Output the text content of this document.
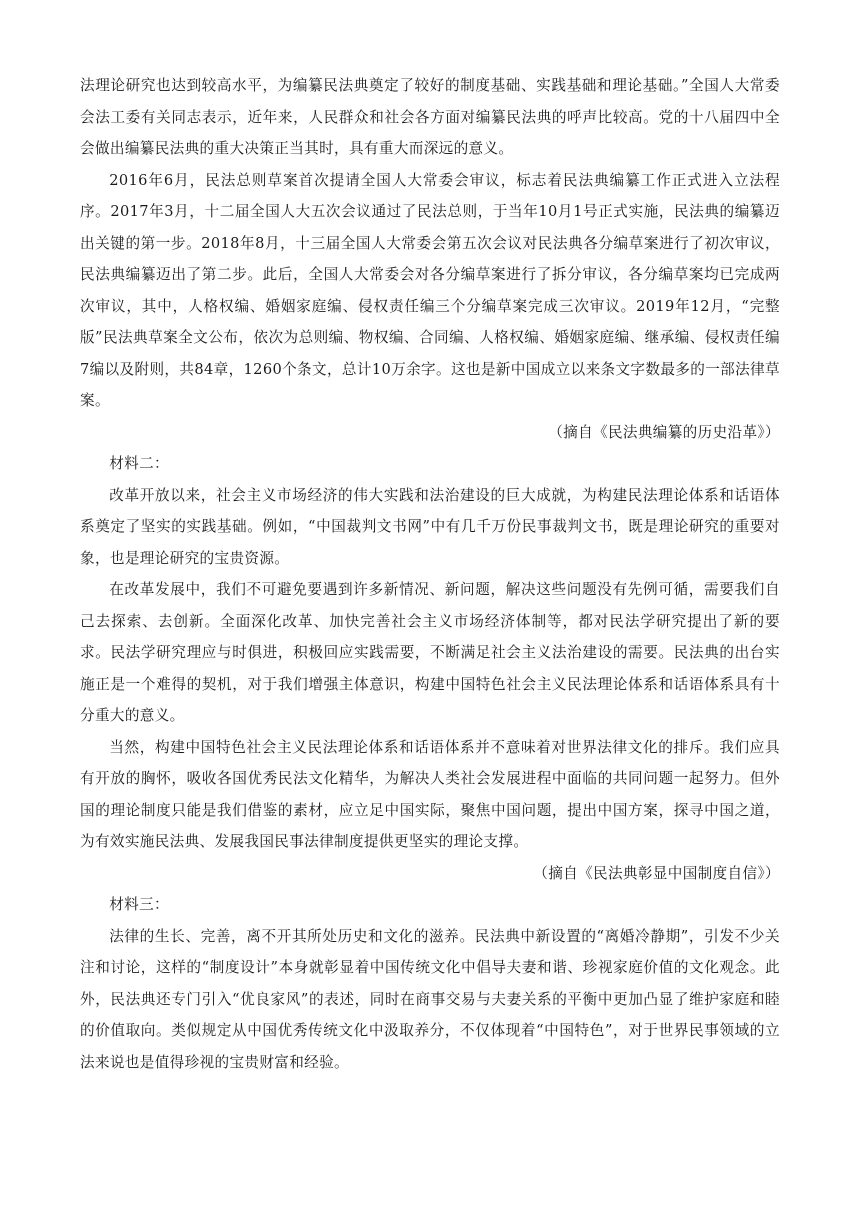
法理论研究也达到较高水平，为编纂民法典奠定了较好的制度基础、实践基础和理论基础。”全国人大常委会法工委有关同志表示，近年来，人民群众和社会各方面对编纂民法典的呼声比较高。党的十八届四中全会做出编纂民法典的重大决策正当其时，具有重大而深远的意义。

2016年6月，民法总则草案首次提请全国人大常委会审议，标志着民法典编纂工作正式进入立法程序。2017年3月，十二届全国人大五次会议通过了民法总则，于当年10月1号正式实施，民法典的编纂迈出关键的第一步。2018年8月，十三届全国人大常委会第五次会议对民法典各分编草案进行了初次审议，民法典编纂迈出了第二步。此后，全国人大常委会对各分编草案进行了拆分审议，各分编草案均已完成两次审议，其中，人格权编、婚姻家庭编、侵权责任编三个分编草案完成三次审议。2019年12月，“完整版”民法典草案全文公布，依次为总则编、物权编、合同编、人格权编、婚姻家庭编、继承编、侵权责任编7编以及附则，共84章，1260个条文，总计10万余字。这也是新中国成立以来条文字数最多的一部法律草案。

（摘自《民法典编纂的历史沿革》）

材料二：

改革开放以来，社会主义市场经济的伟大实践和法治建设的巨大成就，为构建民法理论体系和话语体系奠定了坚实的实践基础。例如，“中国裁判文书网”中有几千万份民事裁判文书，既是理论研究的重要对象，也是理论研究的宝贵资源。

在改革发展中，我们不可避免要遇到许多新情况、新问题，解决这些问题没有先例可循，需要我们自己去探索、去创新。全面深化改革、加快完善社会主义市场经济体制等，都对民法学研究提出了新的要求。民法学研究理应与时俱进，积极回应实践需要，不断满足社会主义法治建设的需要。民法典的出台实施正是一个难得的契机，对于我们增强主体意识，构建中国特色社会主义民法理论体系和话语体系具有十分重大的意义。

当然，构建中国特色社会主义民法理论体系和话语体系并不意味着对世界法律文化的排斥。我们应具有开放的胸怀，吸收各国优秀民法文化精华，为解决人类社会发展进程中面临的共同问题一起努力。但外国的理论制度只能是我们借鉴的素材，应立足中国实际，聚焦中国问题，提出中国方案，探寻中国之道，为有效实施民法典、发展我国民事法律制度提供更坚实的理论支撑。

（摘自《民法典彰显中国制度自信》）

材料三：

法律的生长、完善，离不开其所处历史和文化的滋养。民法典中新设置的“离婚冷静期”，引发不少关注和讨论，这样的“制度设计”本身就彰显着中国传统文化中倡导夫妻和谐、珍视家庭价值的文化观念。此外，民法典还专门引入“优良家风”的表述，同时在商事交易与夫妻关系的平衡中更加凸显了维护家庭和睦的价值取向。类似规定从中国优秀传统文化中汲取养分，不仅体现着“中国特色”，对于世界民事领域的立法来说也是值得珍视的宝贵财富和经验。
